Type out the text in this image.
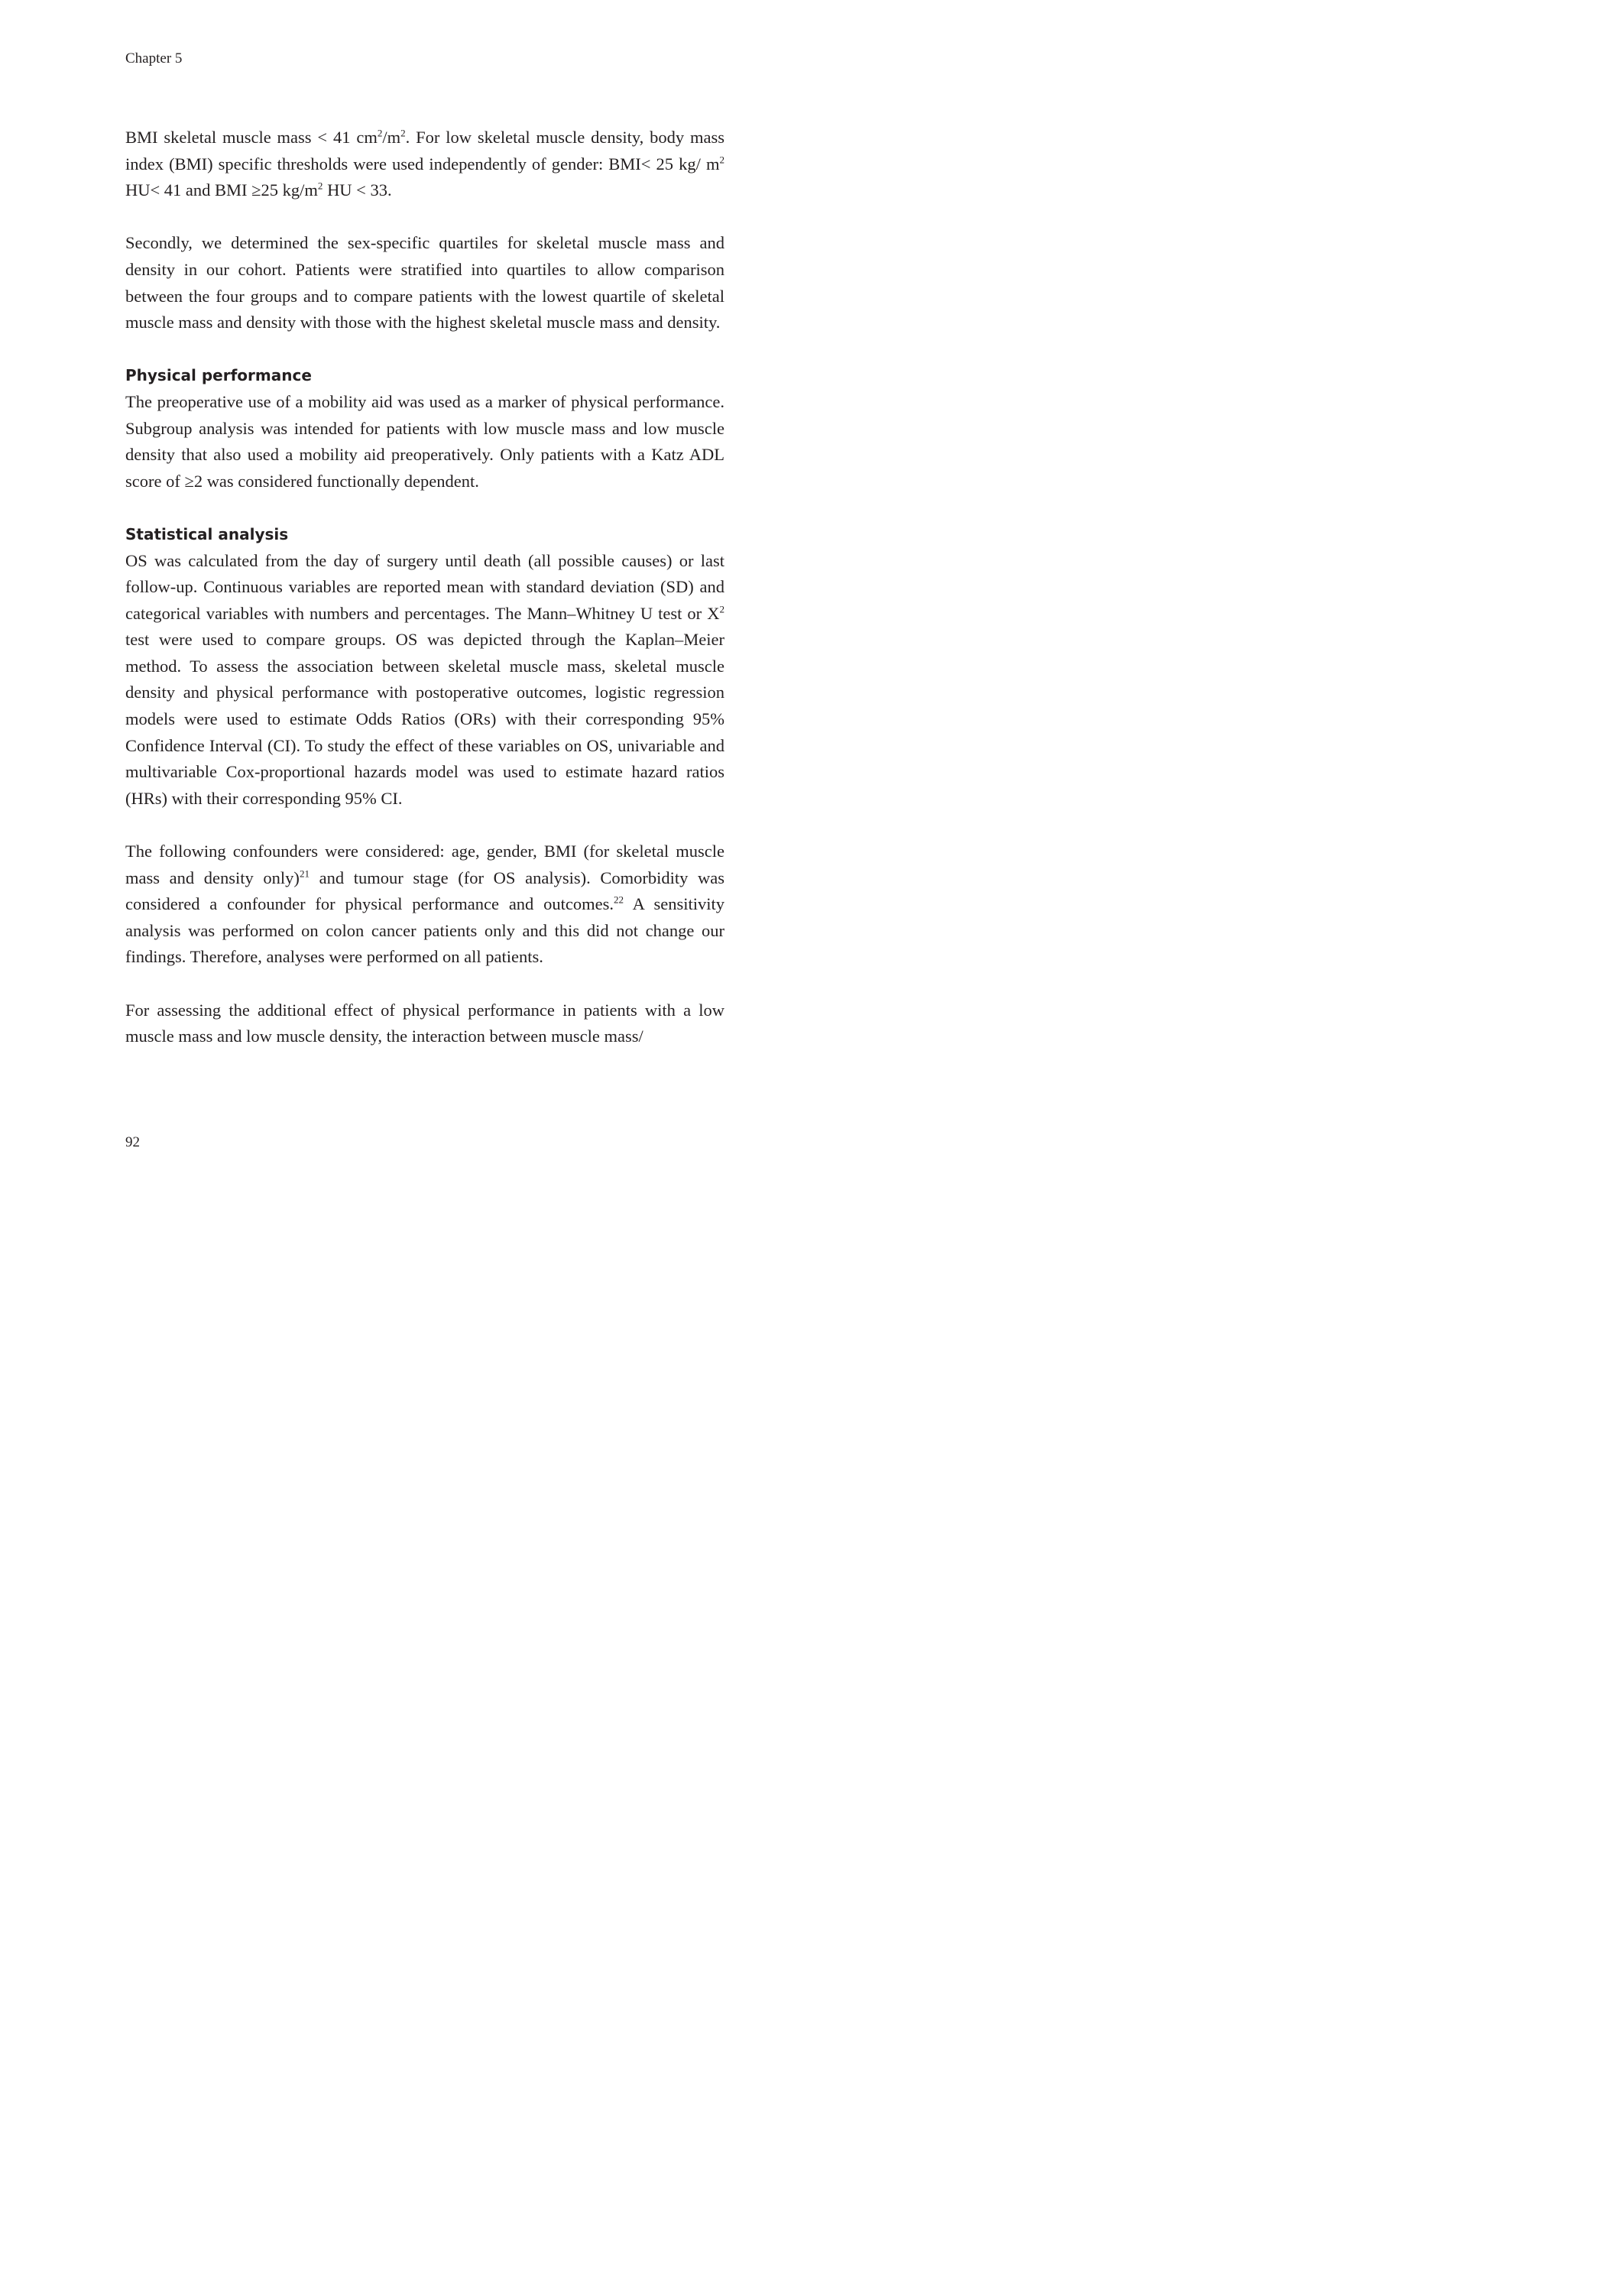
Chapter 5

BMI skeletal muscle mass < 41 $cm^2/m^2$. For low skeletal muscle density, body mass index (BMI) specific thresholds were used independently of gender: BMI< 25 kg/ $m^2$ HU< 41 and BMI ≥25 $kg/m^2$ HU < 33.

Secondly, we determined the sex-specific quartiles for skeletal muscle mass and density in our cohort. Patients were stratified into quartiles to allow comparison between the four groups and to compare patients with the lowest quartile of skeletal muscle mass and density with those with the highest skeletal muscle mass and density.

Physical performance

The preoperative use of a mobility aid was used as a marker of physical performance. Subgroup analysis was intended for patients with low muscle mass and low muscle density that also used a mobility aid preoperatively. Only patients with a Katz ADL score of ≥2 was considered functionally dependent.

Statistical analysis

OS was calculated from the day of surgery until death (all possible causes) or last follow-up. Continuous variables are reported mean with standard deviation (SD) and categorical variables with numbers and percentages. The Mann–Whitney U test or $X^2$ test were used to compare groups. OS was depicted through the Kaplan–Meier method. To assess the association between skeletal muscle mass, skeletal muscle density and physical performance with postoperative outcomes, logistic regression models were used to estimate Odds Ratios (ORs) with their corresponding 95% Confidence Interval (CI). To study the effect of these variables on OS, univariable and multivariable Cox-proportional hazards model was used to estimate hazard ratios (HRs) with their corresponding 95% CI.

The following confounders were considered: age, gender, BMI (for skeletal muscle mass and density only)$^{21}$ and tumour stage (for OS analysis). Comorbidity was considered a confounder for physical performance and outcomes.$^{22}$ A sensitivity analysis was performed on colon cancer patients only and this did not change our findings. Therefore, analyses were performed on all patients.

For assessing the additional effect of physical performance in patients with a low muscle mass and low muscle density, the interaction between muscle mass/

92
